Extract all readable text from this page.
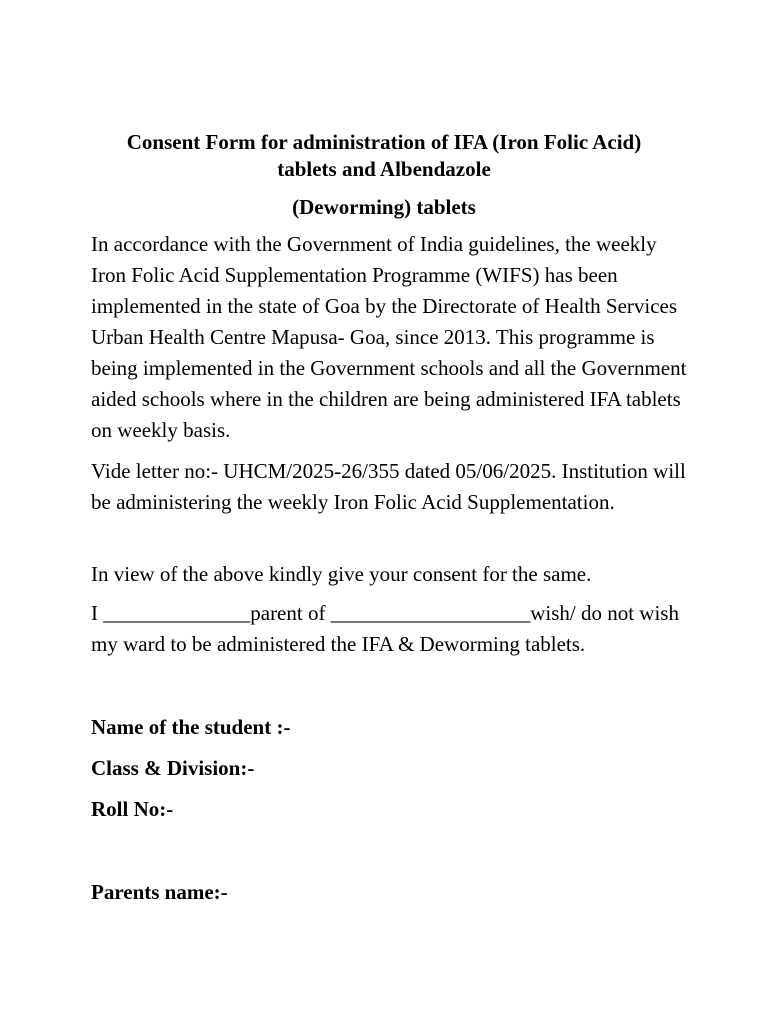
Consent Form for administration of IFA (Iron Folic Acid) tablets and Albendazole

(Deworming) tablets

In accordance with the Government of India guidelines, the weekly Iron Folic Acid Supplementation Programme (WIFS) has been implemented in the state of Goa by the Directorate of Health Services Urban Health Centre Mapusa- Goa, since 2013. This programme is being implemented in the Government schools and all the Government aided schools where in the children are being administered IFA tablets on weekly basis.

Vide letter no:- UHCM/2025-26/355 dated 05/06/2025. Institution will be administering the weekly Iron Folic Acid Supplementation.

In view of the above kindly give your consent for the same.

I ______________parent of ___________________wish/ do not wish my ward to be administered the IFA & Deworming tablets.

Name of the student :-

Class & Division:-

Roll No:-

Parents name:-
